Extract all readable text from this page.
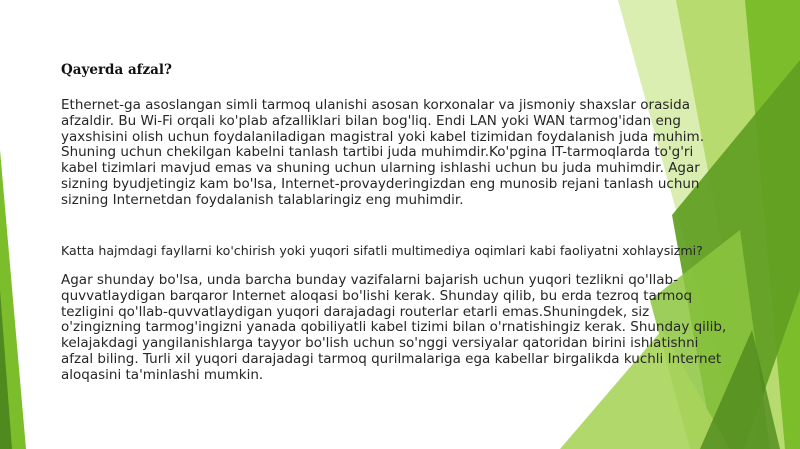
Qayerda afzal?

Ethernet-ga asoslangan simli tarmoq ulanishi asosan korxonalar va jismoniy shaxslar orasida afzaldir. Bu Wi-Fi orqali ko'plab afzalliklari bilan bog'liq. Endi LAN yoki WAN tarmog'idan eng yaxshisini olish uchun foydalaniladigan magistral yoki kabel tizimidan foydalanish juda muhim. Shuning uchun chekilgan kabelni tanlash tartibi juda muhimdir.Ko'pgina IT-tarmoqlarda to'g'ri kabel tizimlari mavjud emas va shuning uchun ularning ishlashi uchun bu juda muhimdir. Agar sizning byudjetingiz kam bo'lsa, Internet-provayderingizdan eng munosib rejani tanlash uchun sizning Internetdan foydalanish talablaringiz eng muhimdir.

Katta hajmdagi fayllarni ko'chirish yoki yuqori sifatli multimediya oqimlari kabi faoliyatni xohlaysizmi?

Agar shunday bo'lsa, unda barcha bunday vazifalarni bajarish uchun yuqori tezlikni qo'llab-quvvatlaydigan barqaror Internet aloqasi bo'lishi kerak. Shunday qilib, bu erda tezroq tarmoq tezligini qo'llab-quvvatlaydigan yuqori darajadagi routerlar etarli emas.Shuningdek, siz o'zingizning tarmog'ingizni yanada qobiliyatli kabel tizimi bilan o'rnatishingiz kerak. Shunday qilib, kelajakdagi yangilanishlarga tayyor bo'lish uchun so'nggi versiyalar qatoridan birini ishlatishni afzal biling. Turli xil yuqori darajadagi tarmoq qurilmalariga ega kabellar birgalikda kuchli Internet aloqasini ta'minlashi mumkin.
